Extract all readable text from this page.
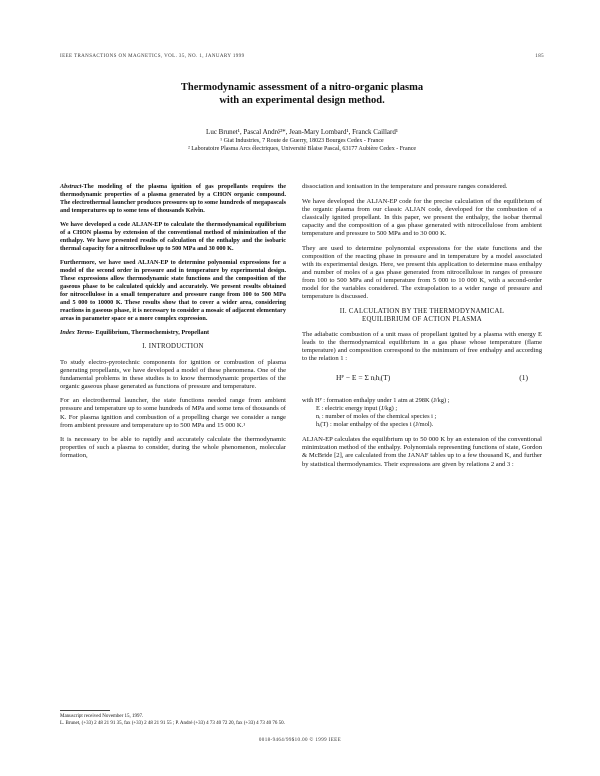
IEEE TRANSACTIONS ON MAGNETICS, VOL. 35, NO. 1, JANUARY 1999	185
Thermodynamic assessment of a nitro-organic plasma
with an experimental design method.
Luc Brunet¹, Pascal André²*, Jean-Mary Lombard¹, Franck Caillard¹
¹ Giat Industries, 7 Route de Guerry, 18023 Bourges Cedex - France
² Laboratoire Plasma Arcs électriques, Université Blaise Pascal, 63177 Aubière Cedex - France

Abstract-The modeling of the plasma ignition of gas propellants requires the thermodynamic properties of a plasma generated by a CHON organic compound. The electrothermal launcher produces pressures up to some hundreds of megapascals and temperatures up to some tens of thousands Kelvin.

We have developed a code ALJAN-EP to calculate the thermodynamical equilibrium of a CHON plasma by extension of the conventional method of minimization of the enthalpy. We have presented results of calculation of the enthalpy and the isobaric thermal capacity for a nitrocellulose up to 500 MPa and 30 000 K.

Furthermore, we have used ALJAN-EP to determine polynomial expressions for a model of the second order in pressure and in temperature by experimental design. These expressions allow thermodynamic state functions and the composition of the gaseous phase to be calculated quickly and accurately. We present results obtained for nitrocellulose in a small temperature and pressure range from 100 to 500 MPa and 5 000 to 10000 K. These results show that to cover a wider area, considering reactions in gaseous phase, it is necessary to consider a mosaic of adjacent elementary areas in parameter space or a more complex expression.

Index Terms- Equilibrium, Thermochemistry, Propellant

I. INTRODUCTION

To study electro-pyrotechnic components for ignition or combustion of plasma generating propellants, we have developed a model of these phenomena. One of the fundamental problems in these studies is to know thermodynamic properties of the organic gaseous phase generated as functions of pressure and temperature.

For an electrothermal launcher, the state functions needed range from ambient pressure and temperature up to some hundreds of MPa and some tens of thousands of K. For plasma ignition and combustion of a propelling charge we consider a range from ambient pressure and temperature up to 500 MPa and 15 000 K.¹

It is necessary to be able to rapidly and accurately calculate the thermodynamic properties of such a plasma to consider, during the whole phenomenon, molecular formation,

dissociation and ionisation in the temperature and pressure ranges considered.

We have developed the ALJAN-EP code for the precise calculation of the equilibrium of the organic plasma from our classic ALJAN code, developed for the combustion of a classically ignited propellant. In this paper, we present the enthalpy, the isobar thermal capacity and the composition of a gas phase generated with nitrocellulose from ambient temperature and pressure to 500 MPa and to 30 000 K.

They are used to determine polynomial expressions for the state functions and the composition of the reacting phase in pressure and in temperature by a model associated with its experimental design. Here, we present this application to determine mass enthalpy and number of moles of a gas phase generated from nitrocellulose in ranges of pressure from 100 to 500 MPa and of temperature from 5 000 to 10 000 K, with a second-order model for the variables considered. The extrapolation to a wider range of pressure and temperature is discussed.

II. CALCULATION BY THE THERMODYNAMICAL
EQUILIBRIUM OF ACTION PLASMA

The adiabatic combustion of a unit mass of propellant ignited by a plasma with energy E leads to the thermodynamical equilibrium in a gas phase whose temperature (flame temperature) and composition correspond to the minimum of free enthalpy and according to the relation 1 :

Hᴾ − E = Σ nᵢhᵢ(T)	(1)
with Hᴾ : formation enthalpy under 1 atm at 298K (J/kg) ;
E : electric energy input (J/kg) ;
nᵢ : number of moles of the chemical species i ;
hᵢ(T) : molar enthalpy of the species i (J/mol).

ALJAN-EP calculates the equilibrium up to 50 000 K by an extension of the conventional minimization method of the enthalpy. Polynomials representing functions of state, Gordon & McBride [2], are calculated from the JANAF tables up to a few thousand K, and further by statistical thermodynamics. Their expressions are given by relations 2 and 3 :

Manuscript received November 15, 1997.
L. Brunet, (+33) 2 48 21 91 35, fax (+33) 2 48 21 91 55 ; P. André (+33) 4 73 40 72 20, fax (+33) 4 73 40 76 50.
0018-9464/99$10.00 © 1999 IEEE
